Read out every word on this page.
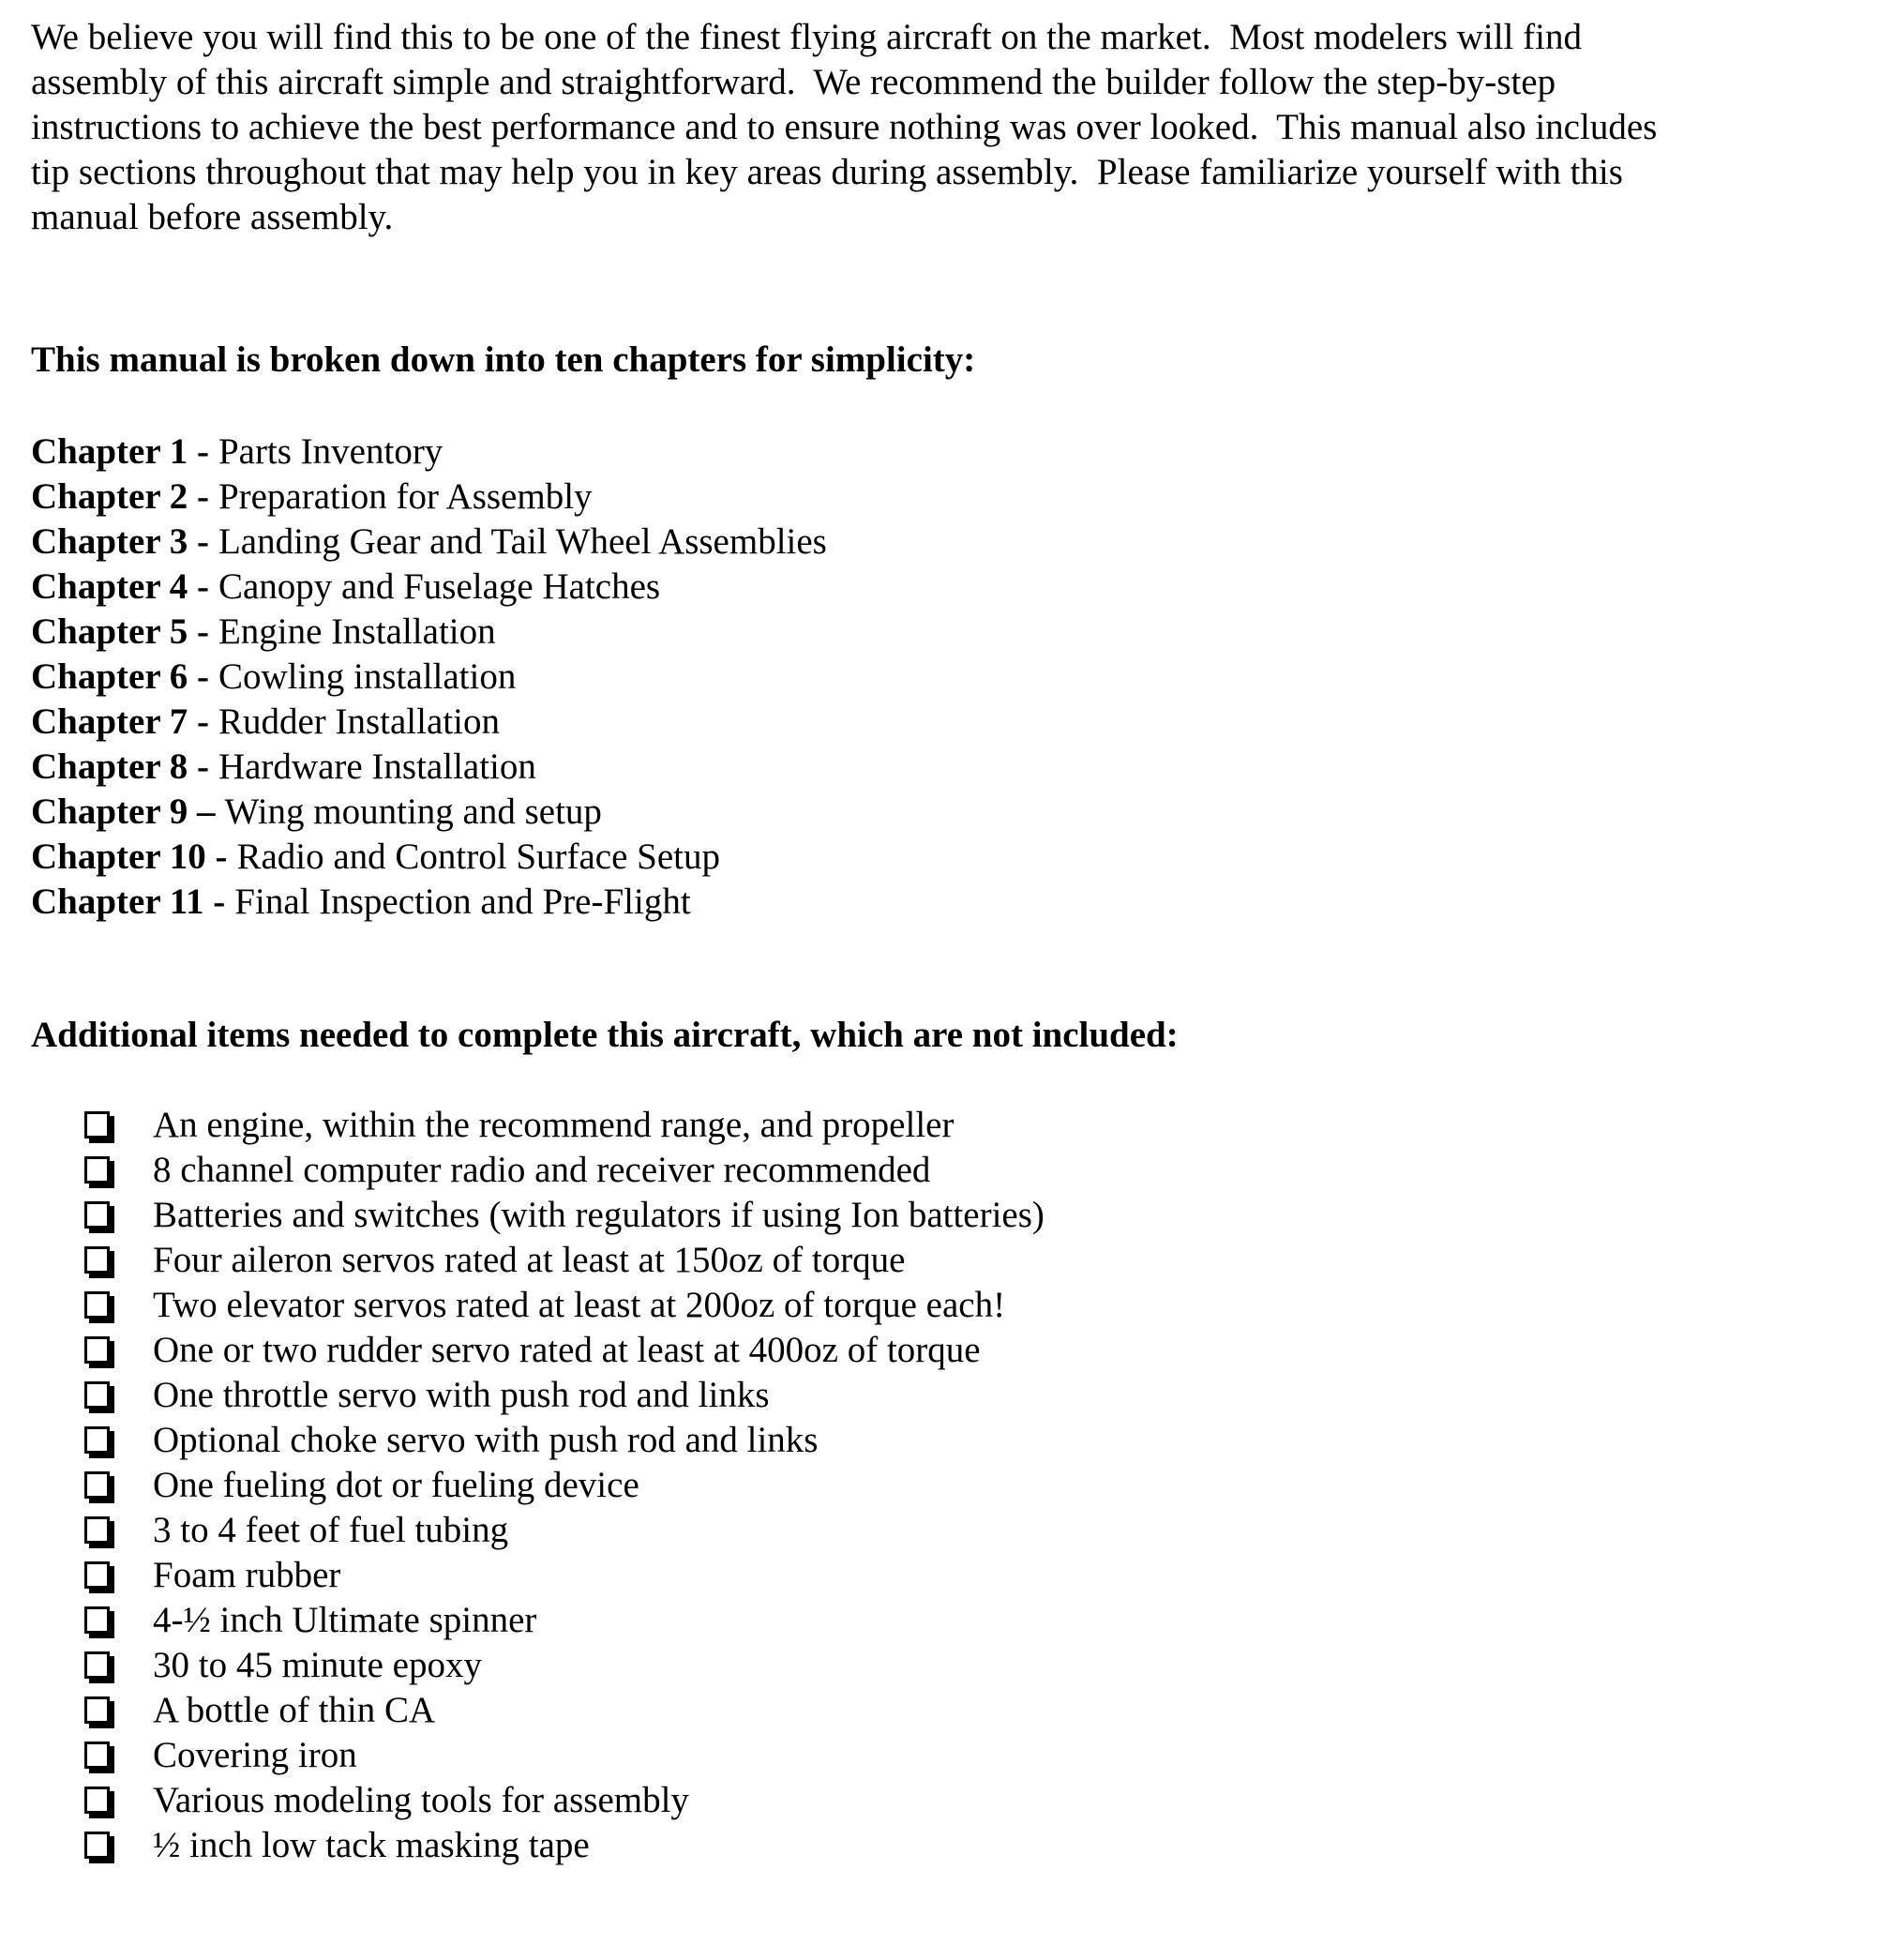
We believe you will find this to be one of the finest flying aircraft on the market.  Most modelers will find
assembly of this aircraft simple and straightforward.  We recommend the builder follow the step-by-step
instructions to achieve the best performance and to ensure nothing was over looked.  This manual also includes
tip sections throughout that may help you in key areas during assembly.  Please familiarize yourself with this
manual before assembly.
This manual is broken down into ten chapters for simplicity:
Chapter 1 - Parts Inventory
Chapter 2 - Preparation for Assembly
Chapter 3 - Landing Gear and Tail Wheel Assemblies
Chapter 4 - Canopy and Fuselage Hatches
Chapter 5 - Engine Installation
Chapter 6 - Cowling installation
Chapter 7 - Rudder Installation
Chapter 8 - Hardware Installation
Chapter 9 – Wing mounting and setup
Chapter 10 - Radio and Control Surface Setup
Chapter 11 - Final Inspection and Pre-Flight
Additional items needed to complete this aircraft, which are not included:
An engine, within the recommend range, and propeller
8 channel computer radio and receiver recommended
Batteries and switches (with regulators if using Ion batteries)
Four aileron servos rated at least at 150oz of torque
Two elevator servos rated at least at 200oz of torque each!
One or two rudder servo rated at least at 400oz of torque
One throttle servo with push rod and links
Optional choke servo with push rod and links
One fueling dot or fueling device
3 to 4 feet of fuel tubing
Foam rubber
4-½ inch Ultimate spinner
30 to 45 minute epoxy
A bottle of thin CA
Covering iron
Various modeling tools for assembly
½ inch low tack masking tape
